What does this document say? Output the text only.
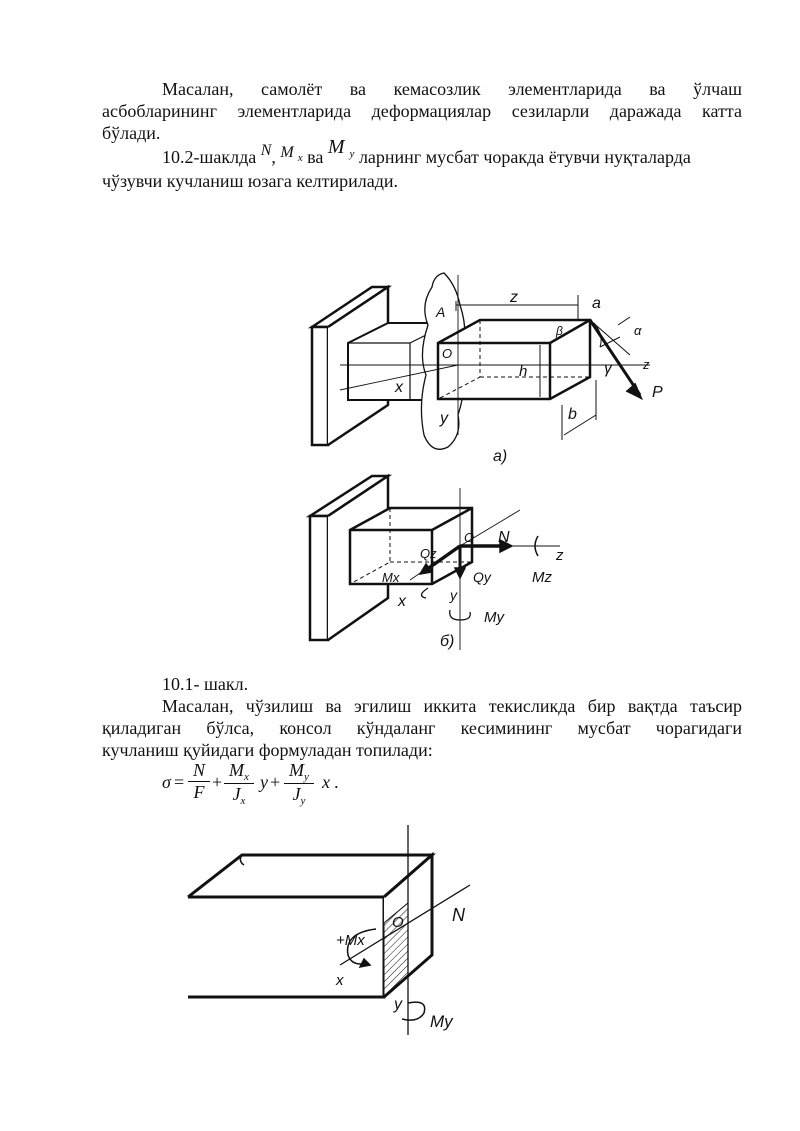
Масалан, самолёт ва кемасозлик элементларида ва ўлчаш
асбобларининг элементларида деформациялар сезиларли даражада катта
бўлади.
10.2-шаклда N, M $_x$ ва M $_y$ ларнинг мусбат чоракда ётувчи нуқталарда
чўзувчи кучланиш юзага келтирилади.
z	a
α
β
γ z
P
A
O
x
y
h
b
а)
N
O
z
Qz
Mx	Qy	Mz
x	y
My
б)
10.1- шакл.
Масалан, чўзилиш ва эгилиш иккита текисликда бир вақтда таъсир
қиладиган бўлса, консол кўндаланг кесимининг мусбат чорагидаги
кучланиш қуйидаги формуладан топилади:
$\sigma = \frac{N}{F} + \frac{M_x}{J_x}$ $y + \frac{M_y}{J_y}$ x .
O	N
+Mx
x
y
My
